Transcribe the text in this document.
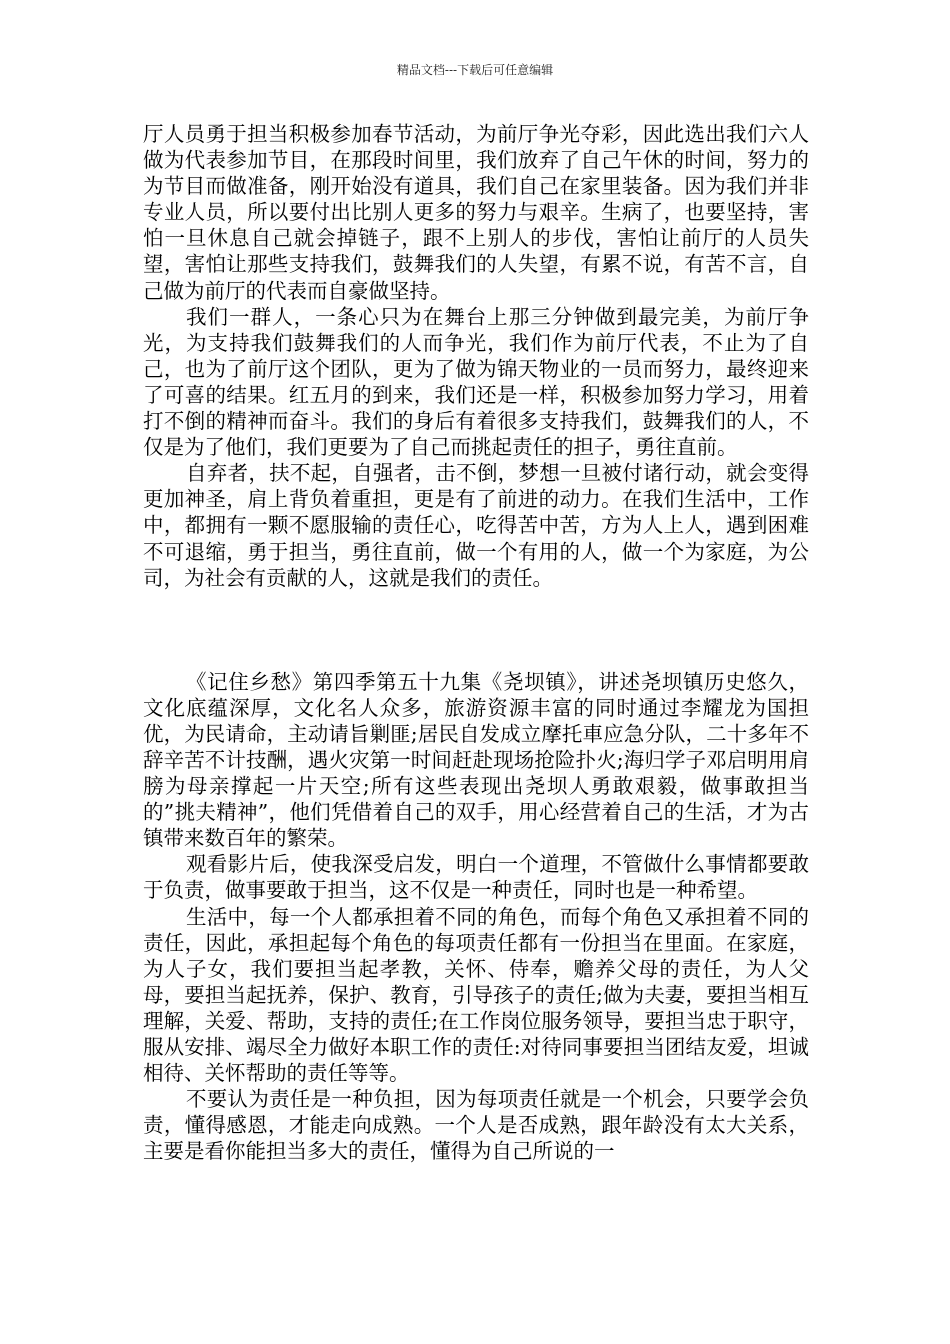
精品文档---下载后可任意编辑

厅人员勇于担当积极参加春节活动，为前厅争光夺彩，因此选出我们六人做为代表参加节目，在那段时间里，我们放弃了自己午休的时间，努力的为节目而做准备，刚开始没有道具，我们自己在家里装备。因为我们并非专业人员，所以要付出比别人更多的努力与艰辛。生病了，也要坚持，害怕一旦休息自己就会掉链子，跟不上别人的步伐，害怕让前厅的人员失望，害怕让那些支持我们，鼓舞我们的人失望，有累不说，有苦不言，自己做为前厅的代表而自豪做坚持。

我们一群人，一条心只为在舞台上那三分钟做到最完美，为前厅争光，为支持我们鼓舞我们的人而争光，我们作为前厅代表，不止为了自己，也为了前厅这个团队，更为了做为锦天物业的一员而努力，最终迎来了可喜的结果。红五月的到来，我们还是一样，积极参加努力学习，用着打不倒的精神而奋斗。我们的身后有着很多支持我们，鼓舞我们的人，不仅是为了他们，我们更要为了自己而挑起责任的担子，勇往直前。

自弃者，扶不起，自强者，击不倒，梦想一旦被付诸行动，就会变得更加神圣，肩上背负着重担，更是有了前进的动力。在我们生活中，工作中，都拥有一颗不愿服输的责任心，吃得苦中苦，方为人上人，遇到困难不可退缩，勇于担当，勇往直前，做一个有用的人，做一个为家庭，为公司，为社会有贡献的人，这就是我们的责任。

《记住乡愁》第四季第五十九集《尧坝镇》，讲述尧坝镇历史悠久，文化底蕴深厚，文化名人众多，旅游资源丰富的同时通过李耀龙为国担优，为民请命，主动请旨剿匪;居民自发成立摩托車应急分队，二十多年不辞辛苦不计技酬，遇火灾第一时间赶赴现场抢险扑火;海归学子邓启明用肩膀为母亲撑起一片天空;所有这些表现出尧坝人勇敢艰毅，做事敢担当的”挑夫精神”，他们凭借着自己的双手，用心经营着自己的生活，才为古镇带来数百年的繁荣。

观看影片后，使我深受启发，明白一个道理，不管做什么事情都要敢于负责，做事要敢于担当，这不仅是一种责任，同时也是一种希望。

生活中，每一个人都承担着不同的角色，而每个角色又承担着不同的责任，因此，承担起每个角色的每项责任都有一份担当在里面。在家庭，为人子女，我们要担当起孝教，关怀、侍奉，赡养父母的责任，为人父母，要担当起抚养，保护、教育，引导孩子的责任;做为夫妻，要担当相互理解，关爱、帮助，支持的责任;在工作岗位服务领导，要担当忠于职守，服从安排、竭尽全力做好本职工作的责任:对待同事要担当团结友爱，坦诚相待、关怀帮助的责任等等。

不要认为责任是一种负担，因为每项责任就是一个机会，只要学会负责，懂得感恩，才能走向成熟。一个人是否成熟，跟年龄没有太大关系，主要是看你能担当多大的责任，懂得为自己所说的一
